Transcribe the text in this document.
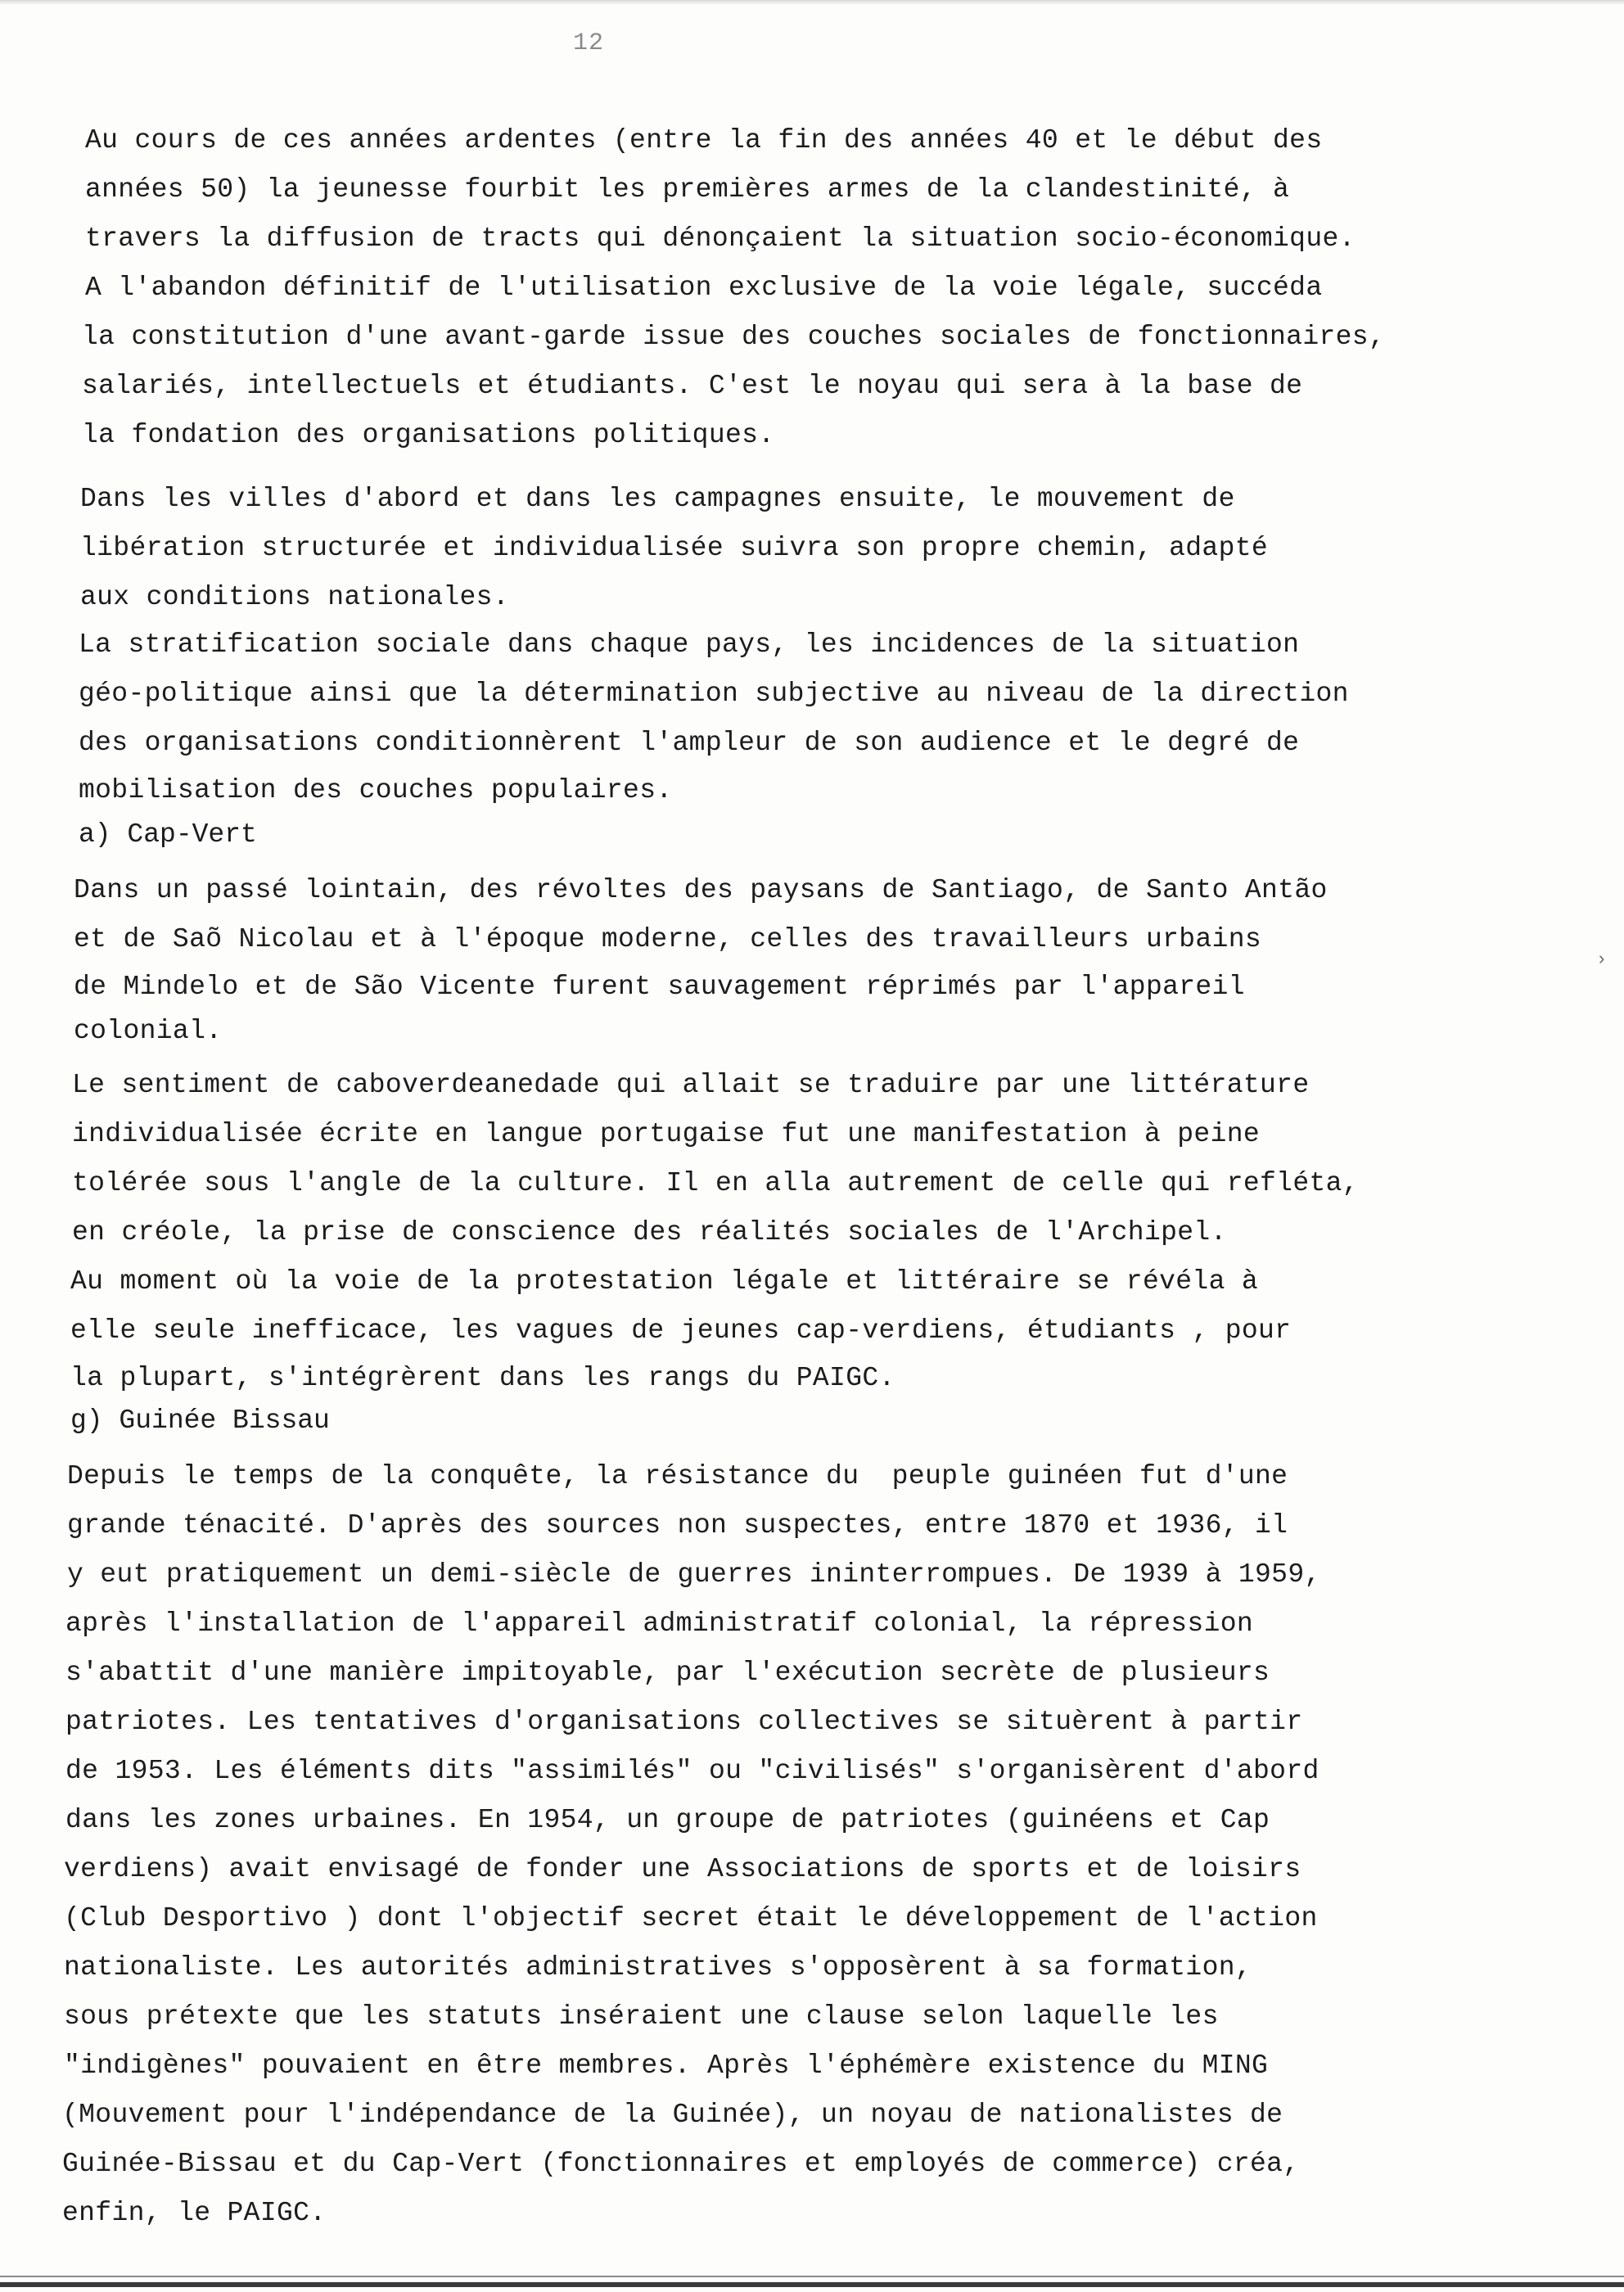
12
Au cours de ces années ardentes (entre la fin des années 40 et le début des
années 50) la jeunesse fourbit les premières armes de la clandestinité, à
travers la diffusion de tracts qui dénonçaient la situation socio-économique.
A l'abandon définitif de l'utilisation exclusive de la voie légale, succéda
la constitution d'une avant-garde issue des couches sociales de fonctionnaires,
salariés, intellectuels et étudiants. C'est le noyau qui sera à la base de
la fondation des organisations politiques.
Dans les villes d'abord et dans les campagnes ensuite, le mouvement de
libération structurée et individualisée suivra son propre chemin, adapté
aux conditions nationales.
La stratification sociale dans chaque pays, les incidences de la situation
géo-politique ainsi que la détermination subjective au niveau de la direction
des organisations conditionnèrent l'ampleur de son audience et le degré de
mobilisation des couches populaires.
a) Cap-Vert
Dans un passé lointain, des révoltes des paysans de Santiago, de Santo Antão
et de Saõ Nicolau et à l'époque moderne, celles des travailleurs urbains
de Mindelo et de São Vicente furent sauvagement réprimés par l'appareil
colonial.
Le sentiment de caboverdeanedade qui allait se traduire par une littérature
individualisée écrite en langue portugaise fut une manifestation à peine
tolérée sous l'angle de la culture. Il en alla autrement de celle qui refléta,
en créole, la prise de conscience des réalités sociales de l'Archipel.
Au moment où la voie de la protestation légale et littéraire se révéla à
elle seule inefficace, les vagues de jeunes cap-verdiens, étudiants , pour
la plupart, s'intégrèrent dans les rangs du PAIGC.
g) Guinée Bissau
Depuis le temps de la conquête, la résistance du  peuple guinéen fut d'une
grande ténacité. D'après des sources non suspectes, entre 1870 et 1936, il
y eut pratiquement un demi-siècle de guerres ininterrompues. De 1939 à 1959,
après l'installation de l'appareil administratif colonial, la répression
s'abattit d'une manière impitoyable, par l'exécution secrète de plusieurs
patriotes. Les tentatives d'organisations collectives se situèrent à partir
de 1953. Les éléments dits "assimilés" ou "civilisés" s'organisèrent d'abord
dans les zones urbaines. En 1954, un groupe de patriotes (guinéens et Cap
verdiens) avait envisagé de fonder une Associations de sports et de loisirs
(Club Desportivo ) dont l'objectif secret était le développement de l'action
nationaliste. Les autorités administratives s'opposèrent à sa formation,
sous prétexte que les statuts inséraient une clause selon laquelle les
"indigènes" pouvaient en être membres. Après l'éphémère existence du MING
(Mouvement pour l'indépendance de la Guinée), un noyau de nationalistes de
Guinée-Bissau et du Cap-Vert (fonctionnaires et employés de commerce) créa,
enfin, le PAIGC.
›
